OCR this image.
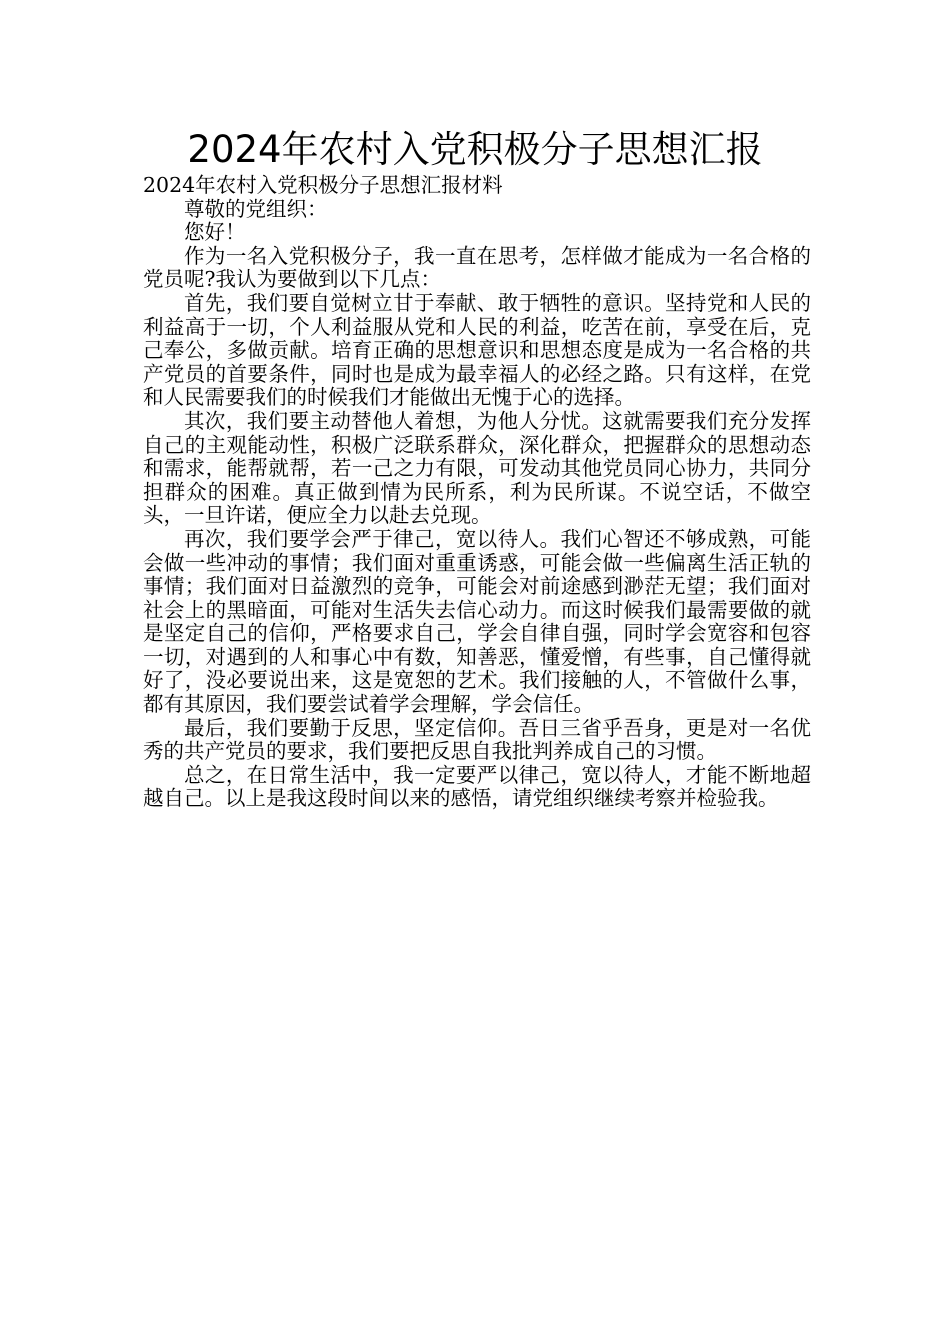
2024年农村入党积极分子思想汇报

2024年农村入党积极分子思想汇报材料

尊敬的党组织：

您好！

作为一名入党积极分子，我一直在思考，怎样做才能成为一名合格的党员呢?我认为要做到以下几点：

首先，我们要自觉树立甘于奉献、敢于牺牲的意识。坚持党和人民的利益高于一切，个人利益服从党和人民的利益，吃苦在前，享受在后，克己奉公，多做贡献。培育正确的思想意识和思想态度是成为一名合格的共产党员的首要条件，同时也是成为最幸福人的必经之路。只有这样，在党和人民需要我们的时候我们才能做出无愧于心的选择。

其次，我们要主动替他人着想，为他人分忧。这就需要我们充分发挥自己的主观能动性，积极广泛联系群众，深化群众，把握群众的思想动态和需求，能帮就帮，若一己之力有限，可发动其他党员同心协力，共同分担群众的困难。真正做到情为民所系，利为民所谋。不说空话，不做空头，一旦许诺，便应全力以赴去兑现。

再次，我们要学会严于律己，宽以待人。我们心智还不够成熟，可能会做一些冲动的事情；我们面对重重诱惑，可能会做一些偏离生活正轨的事情；我们面对日益激烈的竞争，可能会对前途感到渺茫无望；我们面对社会上的黑暗面，可能对生活失去信心动力。而这时候我们最需要做的就是坚定自己的信仰，严格要求自己，学会自律自强，同时学会宽容和包容一切，对遇到的人和事心中有数，知善恶，懂爱憎，有些事，自己懂得就好了，没必要说出来，这是宽恕的艺术。我们接触的人，不管做什么事，都有其原因，我们要尝试着学会理解，学会信任。

最后，我们要勤于反思，坚定信仰。吾日三省乎吾身，更是对一名优秀的共产党员的要求，我们要把反思自我批判养成自己的习惯。

总之，在日常生活中，我一定要严以律己，宽以待人，才能不断地超越自己。以上是我这段时间以来的感悟，请党组织继续考察并检验我。
